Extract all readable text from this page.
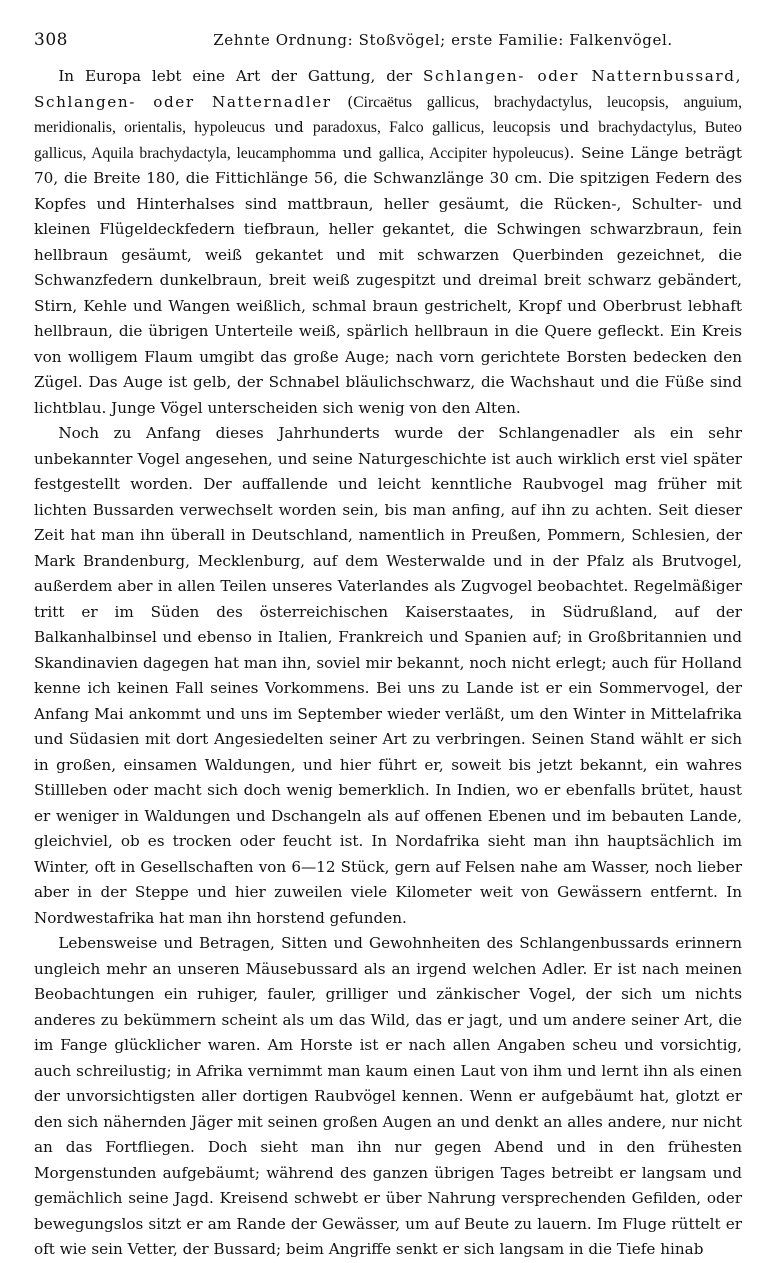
308	Zehnte Ordnung: Stoßvögel; erste Familie: Falkenvögel.

In Europa lebt eine Art der Gattung, der Schlangen- oder Natternbussard, Schlangen- oder Natternadler (Circaëtus gallicus, brachydactylus, leucopsis, anguium, meridionalis, orientalis, hypoleucus und paradoxus, Falco gallicus, leucopsis und brachydactylus, Buteo gallicus, Aquila brachydactyla, leucamphomma und gallica, Accipiter hypoleucus). Seine Länge beträgt 70, die Breite 180, die Fittichlänge 56, die Schwanzlänge 30 cm. Die spitzigen Federn des Kopfes und Hinterhalses sind mattbraun, heller gesäumt, die Rücken-, Schulter- und kleinen Flügeldeckfedern tiefbraun, heller gekantet, die Schwingen schwarzbraun, fein hellbraun gesäumt, weiß gekantet und mit schwarzen Querbinden gezeichnet, die Schwanzfedern dunkelbraun, breit weiß zugespitzt und dreimal breit schwarz gebändert, Stirn, Kehle und Wangen weißlich, schmal braun gestrichelt, Kropf und Oberbrust lebhaft hellbraun, die übrigen Unterteile weiß, spärlich hellbraun in die Quere gefleckt. Ein Kreis von wolligem Flaum umgibt das große Auge; nach vorn gerichtete Borsten bedecken den Zügel. Das Auge ist gelb, der Schnabel bläulichschwarz, die Wachshaut und die Füße sind lichtblau. Junge Vögel unterscheiden sich wenig von den Alten.

Noch zu Anfang dieses Jahrhunderts wurde der Schlangenadler als ein sehr unbekannter Vogel angesehen, und seine Naturgeschichte ist auch wirklich erst viel später festgestellt worden. Der auffallende und leicht kenntliche Raubvogel mag früher mit lichten Bussarden verwechselt worden sein, bis man anfing, auf ihn zu achten. Seit dieser Zeit hat man ihn überall in Deutschland, namentlich in Preußen, Pommern, Schlesien, der Mark Brandenburg, Mecklenburg, auf dem Westerwalde und in der Pfalz als Brutvogel, außerdem aber in allen Teilen unseres Vaterlandes als Zugvogel beobachtet. Regelmäßiger tritt er im Süden des österreichischen Kaiserstaates, in Südrußland, auf der Balkanhalbinsel und ebenso in Italien, Frankreich und Spanien auf; in Großbritannien und Skandinavien dagegen hat man ihn, soviel mir bekannt, noch nicht erlegt; auch für Holland kenne ich keinen Fall seines Vorkommens. Bei uns zu Lande ist er ein Sommervogel, der Anfang Mai ankommt und uns im September wieder verläßt, um den Winter in Mittelafrika und Südasien mit dort Angesiedelten seiner Art zu verbringen. Seinen Stand wählt er sich in großen, einsamen Waldungen, und hier führt er, soweit bis jetzt bekannt, ein wahres Stillleben oder macht sich doch wenig bemerklich. In Indien, wo er ebenfalls brütet, haust er weniger in Waldungen und Dschangeln als auf offenen Ebenen und im bebauten Lande, gleichviel, ob es trocken oder feucht ist. In Nordafrika sieht man ihn hauptsächlich im Winter, oft in Gesellschaften von 6—12 Stück, gern auf Felsen nahe am Wasser, noch lieber aber in der Steppe und hier zuweilen viele Kilometer weit von Gewässern entfernt. In Nordwestafrika hat man ihn horstend gefunden.

Lebensweise und Betragen, Sitten und Gewohnheiten des Schlangenbussards erinnern ungleich mehr an unseren Mäusebussard als an irgend welchen Adler. Er ist nach meinen Beobachtungen ein ruhiger, fauler, grilliger und zänkischer Vogel, der sich um nichts anderes zu bekümmern scheint als um das Wild, das er jagt, und um andere seiner Art, die im Fange glücklicher waren. Am Horste ist er nach allen Angaben scheu und vorsichtig, auch schreilustig; in Afrika vernimmt man kaum einen Laut von ihm und lernt ihn als einen der unvorsichtigsten aller dortigen Raubvögel kennen. Wenn er aufgebäumt hat, glotzt er den sich nähernden Jäger mit seinen großen Augen an und denkt an alles andere, nur nicht an das Fortfliegen. Doch sieht man ihn nur gegen Abend und in den frühesten Morgenstunden aufgebäumt; während des ganzen übrigen Tages betreibt er langsam und gemächlich seine Jagd. Kreisend schwebt er über Nahrung versprechenden Gefilden, oder bewegungslos sitzt er am Rande der Gewässer, um auf Beute zu lauern. Im Fluge rüttelt er oft wie sein Vetter, der Bussard; beim Angriffe senkt er sich langsam in die Tiefe hinab
